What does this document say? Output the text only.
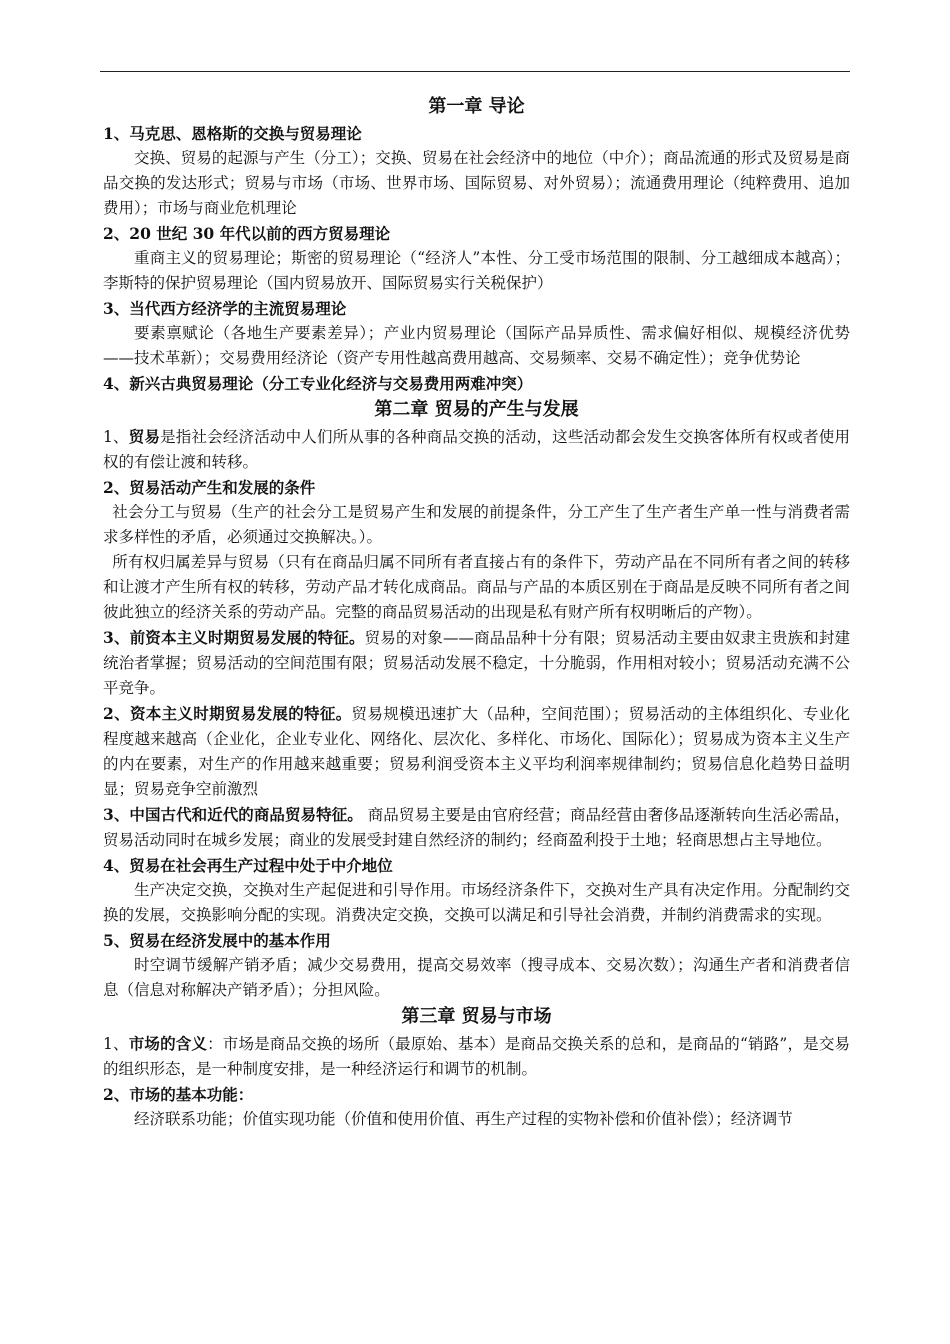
第一章 导论
1、马克思、恩格斯的交换与贸易理论

交换、贸易的起源与产生（分工）；交换、贸易在社会经济中的地位（中介）；商品流通的形式及贸易是商品交换的发达形式；贸易与市场（市场、世界市场、国际贸易、对外贸易）；流通费用理论（纯粹费用、追加费用）；市场与商业危机理论

2、20 世纪 30 年代以前的西方贸易理论

重商主义的贸易理论；斯密的贸易理论（“经济人”本性、分工受市场范围的限制、分工越细成本越高）；李斯特的保护贸易理论（国内贸易放开、国际贸易实行关税保护）

3、当代西方经济学的主流贸易理论

要素禀赋论（各地生产要素差异）；产业内贸易理论（国际产品异质性、需求偏好相似、规模经济优势——技术革新）；交易费用经济论（资产专用性越高费用越高、交易频率、交易不确定性）；竞争优势论

4、新兴古典贸易理论（分工专业化经济与交易费用两难冲突）
第二章 贸易的产生与发展

1、贸易是指社会经济活动中人们所从事的各种商品交换的活动，这些活动都会发生交换客体所有权或者使用权的有偿让渡和转移。

2、贸易活动产生和发展的条件

社会分工与贸易（生产的社会分工是贸易产生和发展的前提条件，分工产生了生产者生产单一性与消费者需求多样性的矛盾，必须通过交换解决。）。

所有权归属差异与贸易（只有在商品归属不同所有者直接占有的条件下，劳动产品在不同所有者之间的转移和让渡才产生所有权的转移，劳动产品才转化成商品。商品与产品的本质区别在于商品是反映不同所有者之间彼此独立的经济关系的劳动产品。完整的商品贸易活动的出现是私有财产所有权明晰后的产物）。

3、前资本主义时期贸易发展的特征。贸易的对象——商品品种十分有限；贸易活动主要由奴隶主贵族和封建统治者掌握；贸易活动的空间范围有限；贸易活动发展不稳定，十分脆弱，作用相对较小；贸易活动充满不公平竞争。

2、资本主义时期贸易发展的特征。贸易规模迅速扩大（品种，空间范围）；贸易活动的主体组织化、专业化程度越来越高（企业化，企业专业化、网络化、层次化、多样化、市场化、国际化）；贸易成为资本主义生产的内在要素，对生产的作用越来越重要；贸易利润受资本主义平均利润率规律制约；贸易信息化趋势日益明显；贸易竞争空前激烈

3、中国古代和近代的商品贸易特征。 商品贸易主要是由官府经营；商品经营由奢侈品逐渐转向生活必需品，贸易活动同时在城乡发展；商业的发展受封建自然经济的制约；经商盈利投于土地；轻商思想占主导地位。

4、贸易在社会再生产过程中处于中介地位

生产决定交换，交换对生产起促进和引导作用。市场经济条件下，交换对生产具有决定作用。分配制约交换的发展，交换影响分配的实现。消费决定交换，交换可以满足和引导社会消费，并制约消费需求的实现。

5、贸易在经济发展中的基本作用

时空调节缓解产销矛盾；减少交易费用，提高交易效率（搜寻成本、交易次数）；沟通生产者和消费者信息（信息对称解决产销矛盾）；分担风险。

第三章 贸易与市场

1、市场的含义：市场是商品交换的场所（最原始、基本）是商品交换关系的总和，是商品的“销路”，是交易的组织形态，是一种制度安排，是一种经济运行和调节的机制。

2、市场的基本功能：

经济联系功能；价值实现功能（价值和使用价值、再生产过程的实物补偿和价值补偿）；经济调节
